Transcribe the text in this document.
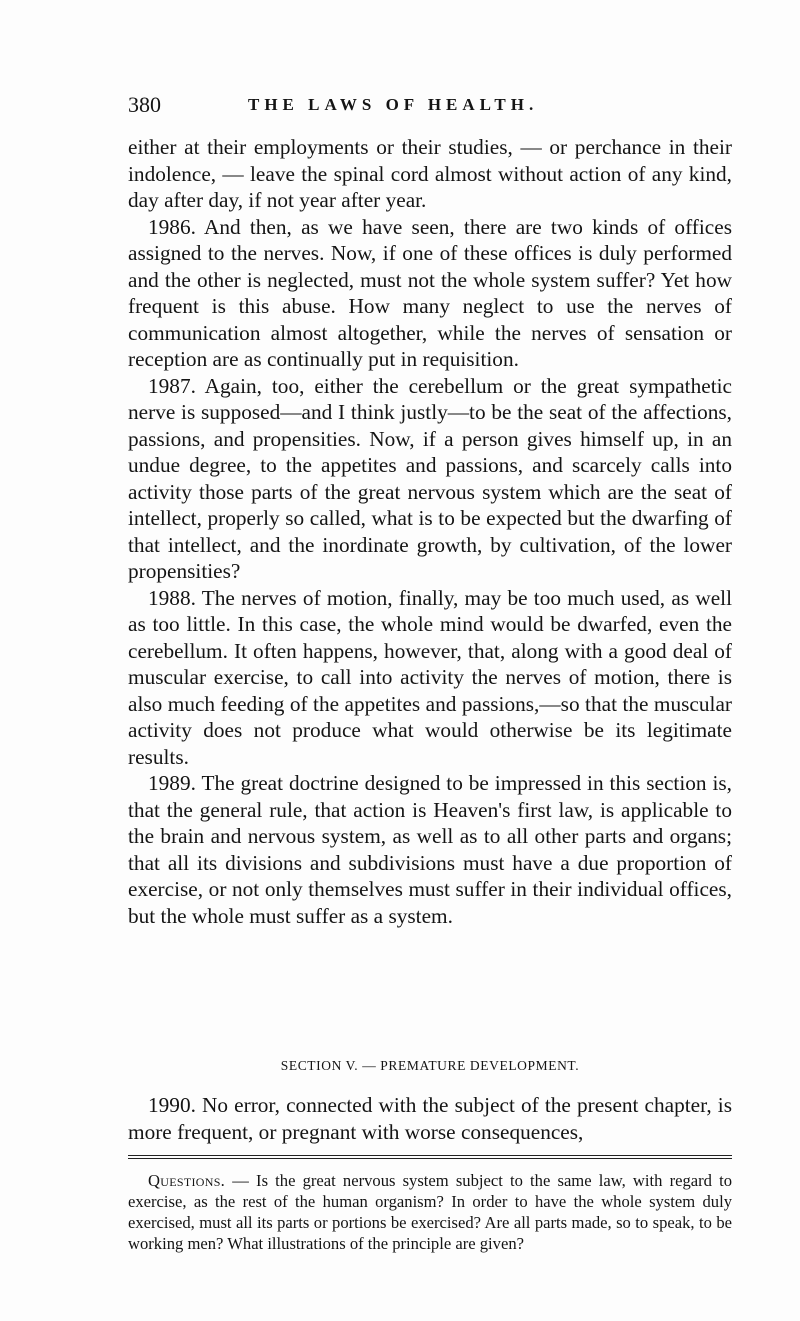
380	THE LAWS OF HEALTH.

either at their employments or their studies, — or perchance in their indolence, — leave the spinal cord almost without action of any kind, day after day, if not year after year.

1986. And then, as we have seen, there are two kinds of offices assigned to the nerves. Now, if one of these offices is duly performed and the other is neglected, must not the whole system suffer? Yet how frequent is this abuse. How many neglect to use the nerves of communication almost altogether, while the nerves of sensation or reception are as continually put in requisition.

1987. Again, too, either the cerebellum or the great sympathetic nerve is supposed—and I think justly—to be the seat of the affections, passions, and propensities. Now, if a person gives himself up, in an undue degree, to the appetites and passions, and scarcely calls into activity those parts of the great nervous system which are the seat of intellect, properly so called, what is to be expected but the dwarfing of that intellect, and the inordinate growth, by cultivation, of the lower propensities?

1988. The nerves of motion, finally, may be too much used, as well as too little. In this case, the whole mind would be dwarfed, even the cerebellum. It often happens, however, that, along with a good deal of muscular exercise, to call into activity the nerves of motion, there is also much feeding of the appetites and passions,—so that the muscular activity does not produce what would otherwise be its legitimate results.

1989. The great doctrine designed to be impressed in this section is, that the general rule, that action is Heaven's first law, is applicable to the brain and nervous system, as well as to all other parts and organs; that all its divisions and subdivisions must have a due proportion of exercise, or not only themselves must suffer in their individual offices, but the whole must suffer as a system.

SECTION V. — PREMATURE DEVELOPMENT.

1990. No error, connected with the subject of the present chapter, is more frequent, or pregnant with worse consequences,

Questions. — Is the great nervous system subject to the same law, with regard to exercise, as the rest of the human organism? In order to have the whole system duly exercised, must all its parts or portions be exercised? Are all parts made, so to speak, to be working men? What illustrations of the principle are given?
